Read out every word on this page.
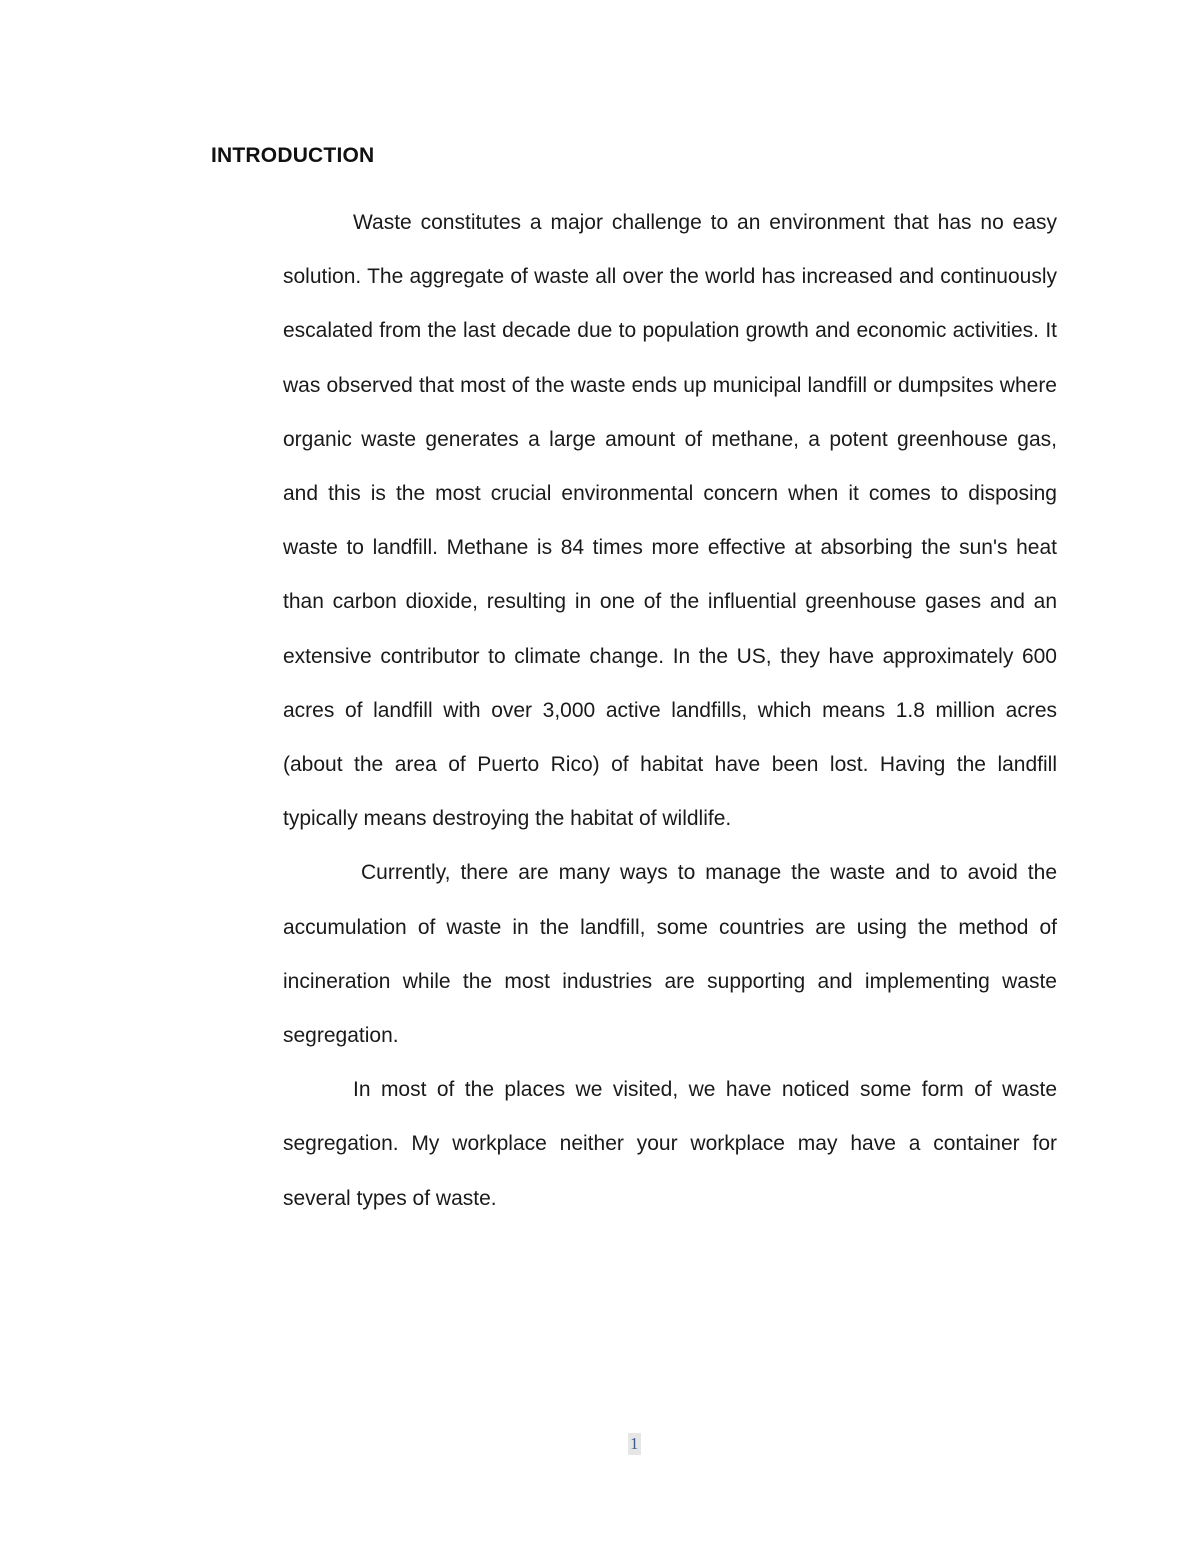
INTRODUCTION

Waste constitutes a major challenge to an environment that has no easy solution. The aggregate of waste all over the world has increased and continuously escalated from the last decade due to population growth and economic activities. It was observed that most of the waste ends up municipal landfill or dumpsites where organic waste generates a large amount of methane, a potent greenhouse gas, and this is the most crucial environmental concern when it comes to disposing waste to landfill. Methane is 84 times more effective at absorbing the sun's heat than carbon dioxide, resulting in one of the influential greenhouse gases and an extensive contributor to climate change. In the US, they have approximately 600 acres of landfill with over 3,000 active landfills, which means 1.8 million acres (about the area of Puerto Rico) of habitat have been lost. Having the landfill typically means destroying the habitat of wildlife.

Currently, there are many ways to manage the waste and to avoid the accumulation of waste in the landfill, some countries are using the method of incineration while the most industries are supporting and implementing waste segregation.

In most of the places we visited, we have noticed some form of waste segregation. My workplace neither your workplace may have a container for several types of waste.

1
